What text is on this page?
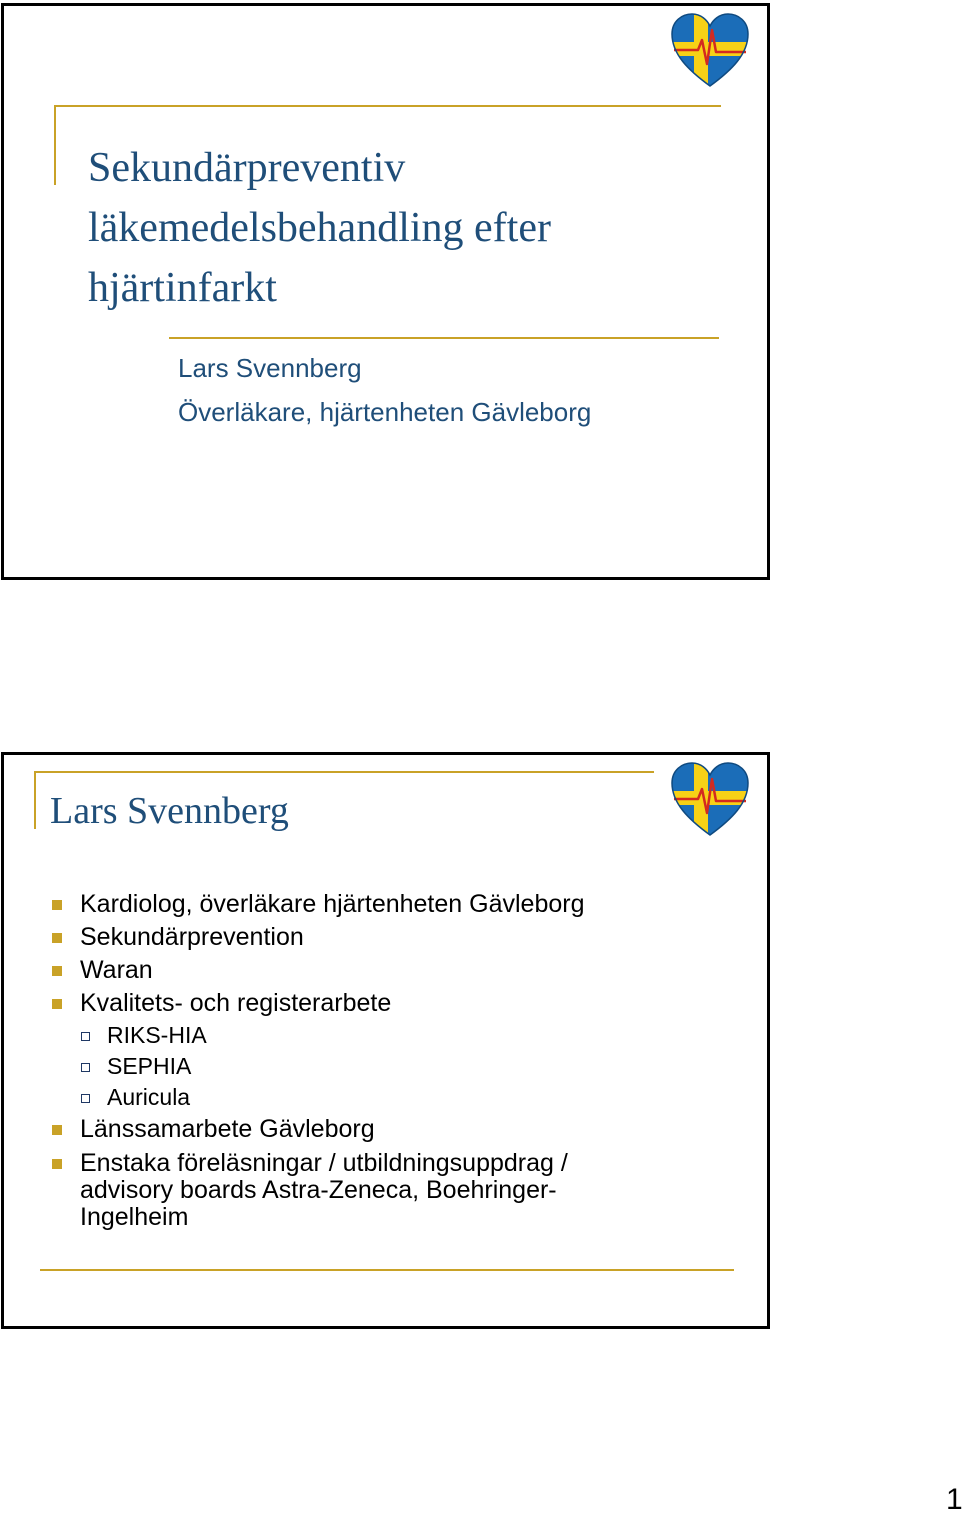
Sekundärpreventiv
läkemedelsbehandling efter
hjärtinfarkt
Lars Svennberg
Överläkare, hjärtenheten Gävleborg
Lars Svennberg
Kardiolog, överläkare hjärtenheten Gävleborg
Sekundärprevention
Waran
Kvalitets- och registerarbete
RIKS-HIA
SEPHIA
Auricula
Länssamarbete Gävleborg
Enstaka föreläsningar / utbildningsuppdrag /
advisory boards Astra-Zeneca, Boehringer-
Ingelheim
1
